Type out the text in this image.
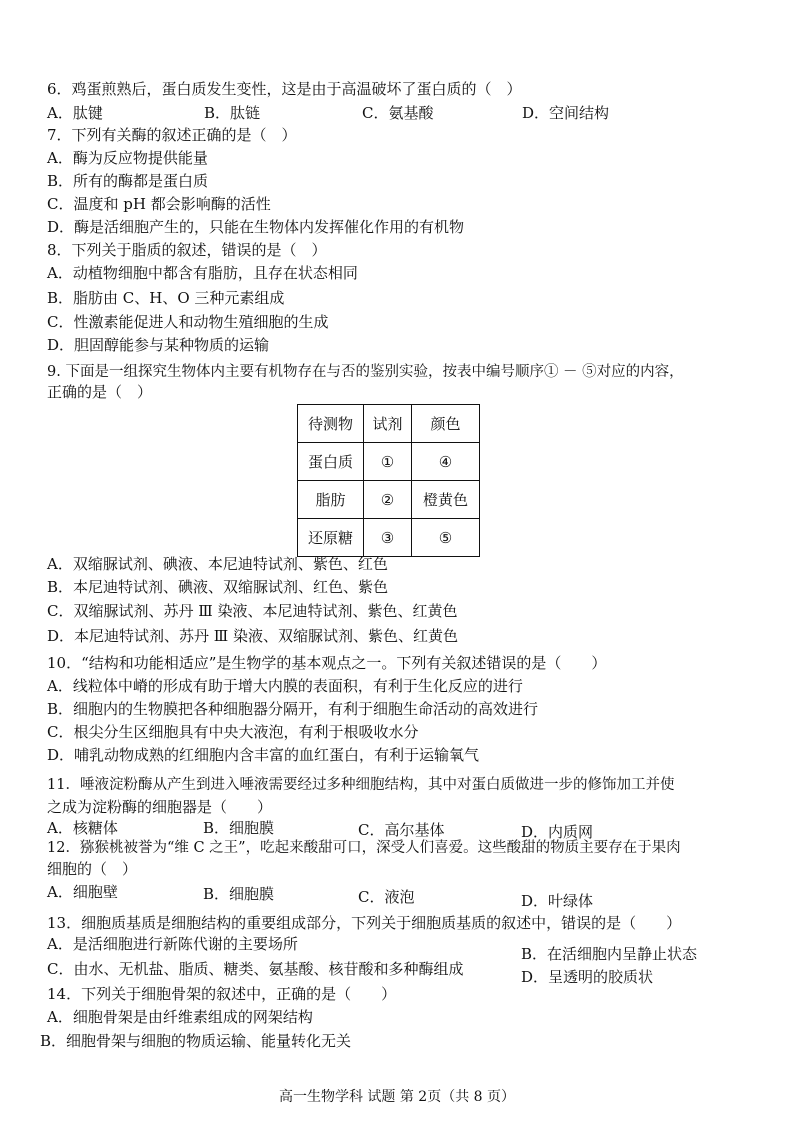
6．鸡蛋煎熟后，蛋白质发生变性，这是由于高温破坏了蛋白质的（　）
A．肽键	B．肽链	C．氨基酸	D．空间结构
7．下列有关酶的叙述正确的是（　）
A．酶为反应物提供能量
B．所有的酶都是蛋白质
C．温度和 pH 都会影响酶的活性
D．酶是活细胞产生的，只能在生物体内发挥催化作用的有机物
8．下列关于脂质的叙述，错误的是（　）
A．动植物细胞中都含有脂肪，且存在状态相同
B．脂肪由 C、H、O 三种元素组成
C．性激素能促进人和动物生殖细胞的生成
D．胆固醇能参与某种物质的运输
9. 下面是一组探究生物体内主要有机物存在与否的鉴别实验，按表中编号顺序① － ⑤对应的内容，
正确的是（　）
待测物	试剂	颜色
蛋白质	①	④
脂肪	②	橙黄色
还原糖	③	⑤
A．双缩脲试剂、碘液、本尼迪特试剂、紫色、红色
B．本尼迪特试剂、碘液、双缩脲试剂、红色、紫色
C．双缩脲试剂、苏丹 Ⅲ 染液、本尼迪特试剂、紫色、红黄色
D．本尼迪特试剂、苏丹 Ⅲ 染液、双缩脲试剂、紫色、红黄色
10．“结构和功能相适应”是生物学的基本观点之一。下列有关叙述错误的是（　　）
A．线粒体中嵴的形成有助于增大内膜的表面积，有利于生化反应的进行
B．细胞内的生物膜把各种细胞器分隔开，有利于细胞生命活动的高效进行
C．根尖分生区细胞具有中央大液泡，有利于根吸收水分
D．哺乳动物成熟的红细胞内含丰富的血红蛋白，有利于运输氧气
11．唾液淀粉酶从产生到进入唾液需要经过多种细胞结构，其中对蛋白质做进一步的修饰加工并使
之成为淀粉酶的细胞器是（　　）
A．核糖体	B．细胞膜	C．高尔基体	D．内质网
12．猕猴桃被誉为“维 C 之王”，吃起来酸甜可口，深受人们喜爱。这些酸甜的物质主要存在于果肉
细胞的（　）
A．细胞壁	B．细胞膜	C．液泡	D．叶绿体
13．细胞质基质是细胞结构的重要组成部分，下列关于细胞质基质的叙述中，错误的是（　　）
A．是活细胞进行新陈代谢的主要场所
B．在活细胞内呈静止状态
C．由水、无机盐、脂质、糖类、氨基酸、核苷酸和多种酶组成	D．呈透明的胶质状
14．下列关于细胞骨架的叙述中，正确的是（　　）
A．细胞骨架是由纤维素组成的网架结构
B．细胞骨架与细胞的物质运输、能量转化无关
高一生物学科 试题 第 2页（共 8 页）
